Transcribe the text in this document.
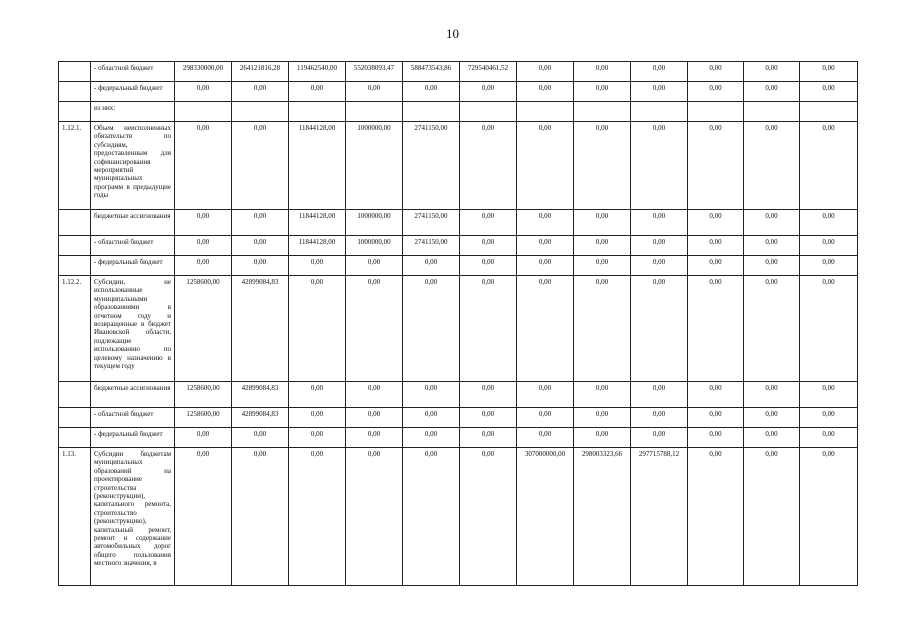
10
	- областной бюджет	298330000,00	264121816,28	119462540,00	552038093,47	588473543,86	729540461,52	0,00	0,00	0,00	0,00	0,00	0,00
	- федеральный бюджет	0,00	0,00	0,00	0,00	0,00	0,00	0,00	0,00	0,00	0,00	0,00	0,00
	из них:												
1.12.1.	Объем неисполненных обязательств по субсидиям, предоставленным для софинансирования мероприятий муниципальных программ в предыдущие годы	0,00	0,00	11844128,00	1000000,00	2741150,00	0,00	0,00	0,00	0,00	0,00	0,00	0,00
	бюджетные ассигнования	0,00	0,00	11844128,00	1000000,00	2741150,00	0,00	0,00	0,00	0,00	0,00	0,00	0,00
	- областной бюджет	0,00	0,00	11844128,00	1000000,00	2741150,00	0,00	0,00	0,00	0,00	0,00	0,00	0,00
	- федеральный бюджет	0,00	0,00	0,00	0,00	0,00	0,00	0,00	0,00	0,00	0,00	0,00	0,00
1.12.2.	Субсидии, не использованные муниципальными образованиями в отчетном году и возвращенные в бюджет Ивановской области, подлежащие использованию по целевому назначению в текущем году	1258600,00	42899084,83	0,00	0,00	0,00	0,00	0,00	0,00	0,00	0,00	0,00	0,00
	бюджетные ассигнования	1258600,00	42899084,83	0,00	0,00	0,00	0,00	0,00	0,00	0,00	0,00	0,00	0,00
	- областной бюджет	1258600,00	42899084,83	0,00	0,00	0,00	0,00	0,00	0,00	0,00	0,00	0,00	0,00
	- федеральный бюджет	0,00	0,00	0,00	0,00	0,00	0,00	0,00	0,00	0,00	0,00	0,00	0,00
1.13.	Субсидии бюджетам муниципальных образований на проектирование строительства (реконструкции), капитального ремонта, строительство (реконструкцию), капитальный ремонт, ремонт и содержание автомобильных дорог общего пользования местного значения, в	0,00	0,00	0,00	0,00	0,00	0,00	307000000,00	298003323,66	297715788,12	0,00	0,00	0,00
